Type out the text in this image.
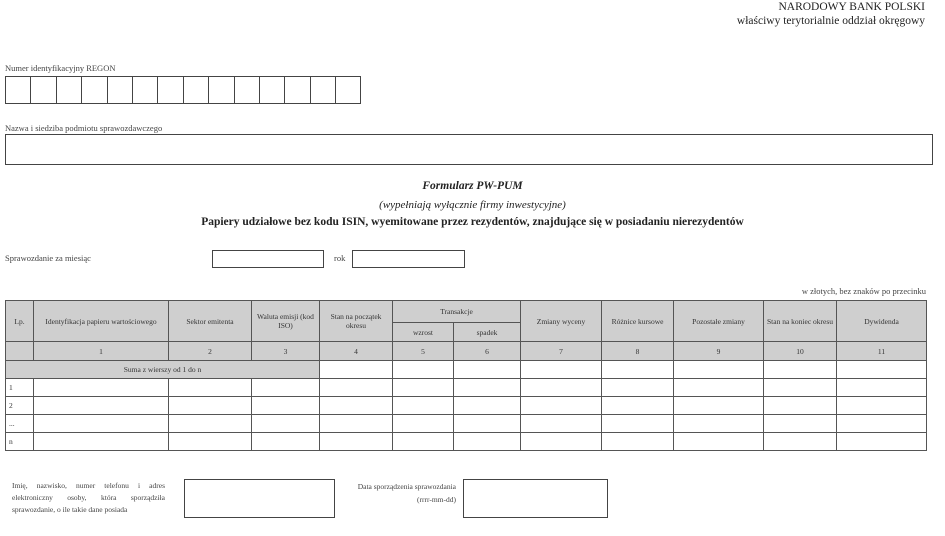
NARODOWY BANK POLSKI
właściwy terytorialnie oddział okręgowy
Numer identyfikacyjny REGON
Nazwa i siedziba podmiotu sprawozdawczego
Formularz PW-PUM
(wypełniają wyłącznie firmy inwestycyjne)
Papiery udziałowe bez kodu ISIN, wyemitowane przez rezydentów, znajdujące się w posiadaniu nierezydentów
Sprawozdanie za miesiąc	rok
w złotych, bez znaków po przecinku
Lp.	Identyfikacja papieru wartościowego	Sektor emitenta	Waluta emisji (kod ISO)	Stan na początek okresu	Transakcje		Zmiany wyceny	Różnice kursowe	Pozostałe zmiany	Stan na koniec okresu	Dywidenda
					wzrost	spadek					
	1	2	3	4	5	6	7	8	9	10	11
Suma z wierszy od 1 do n											
1											
2											
...											
n											
Imię, nazwisko, numer telefonu i adres elektroniczny osoby, która sporządziła sprawozdanie, o ile takie dane posiada
Data sporządzenia sprawozdania
(rrrr-mm-dd)
